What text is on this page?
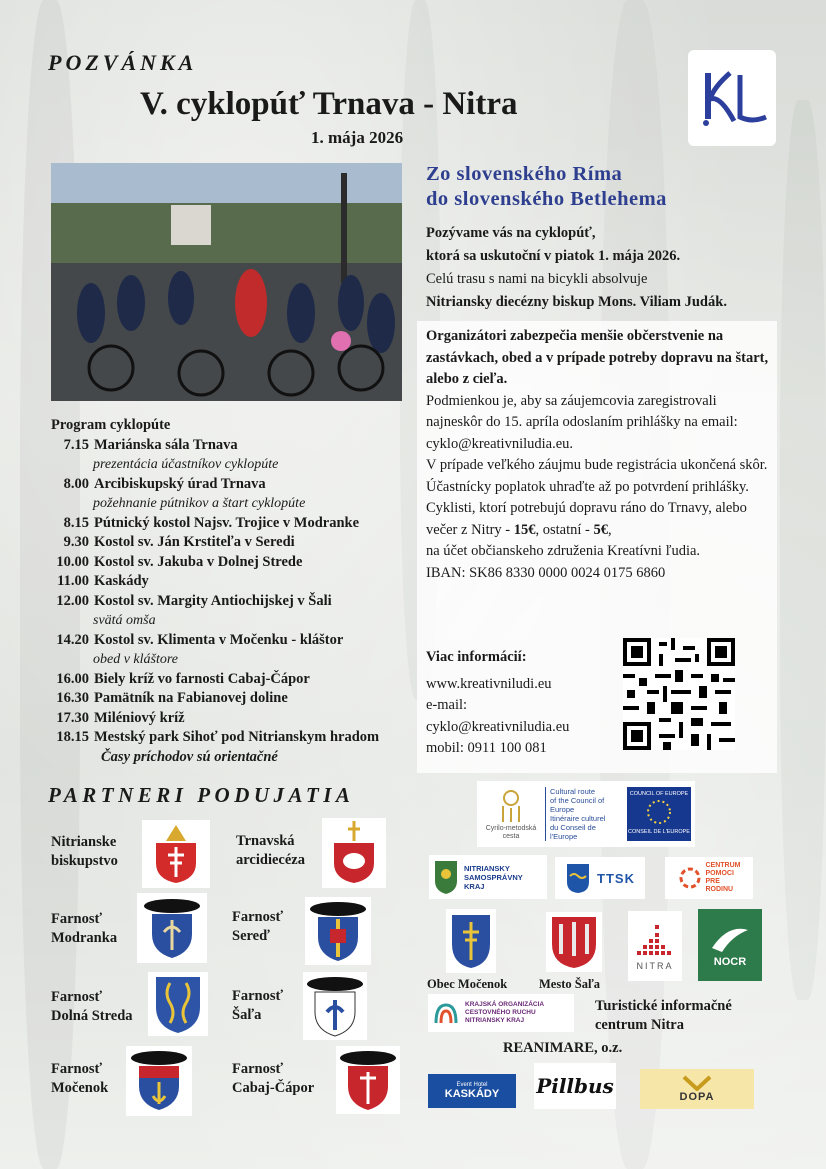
POZVÁNKA
V. cyklopúť Trnava - Nitra
1. mája 2026
Zo slovenského Ríma
do slovenského Betlehema
Pozývame vás na cyklopúť,
ktorá sa uskutoční v piatok 1. mája 2026.
Celú trasu s nami na bicykli absolvuje
Nitriansky diecézny biskup Mons. Viliam Judák.
Organizátori zabezpečia menšie občerstvenie na zastávkach, obed a v prípade potreby dopravu na štart, alebo z cieľa.
Podmienkou je, aby sa záujemcovia zaregistrovali najneskôr do 15. apríla odoslaním prihlášky na email: cyklo@kreativniludia.eu.
V prípade veľkého záujmu bude registrácia ukončená skôr.
Účastnícky poplatok uhraďte až po potvrdení prihlášky.
Cyklisti, ktorí potrebujú dopravu ráno do Trnavy, alebo večer z Nitry - 15€, ostatní - 5€,
na účet občianskeho združenia Kreatívni ľudia.
IBAN: SK86 8330 0000 0024 0175 6860
Viac informácií:
www.kreativniludi.eu
e-mail:
cyklo@kreativniludia.eu
mobil: 0911 100 081
Program cyklopúte
7.15 Mariánska sála Trnava
prezentácia účastníkov cyklopúte
8.00 Arcibiskupský úrad Trnava
požehnanie pútnikov a štart cyklopúte
8.15 Pútnický kostol Najsv. Trojice v Modranke
9.30 Kostol sv. Ján Krstiteľa v Seredi
10.00 Kostol sv. Jakuba v Dolnej Strede
11.00 Kaskády
12.00 Kostol sv. Margity Antiochijskej v Šali
svätá omša
14.20 Kostol sv. Klimenta v Močenku - kláštor
obed v kláštore
16.00 Biely kríž vo farnosti Cabaj-Čápor
16.30 Pamätník na Fabianovej doline
17.30 Miléniový kríž
18.15 Mestský park Sihoť pod Nitrianskym hradom
Časy príchodov sú orientačné
PARTNERI PODUJATIA
Nitrianske
biskupstvo
Trnavská
arcidiecéza
Farnosť
Modranka
Farnosť
Sereď
Farnosť
Dolná Streda
Farnosť
Šaľa
Farnosť
Močenok
Farnosť
Cabaj-Čápor
Cyrilo-metodská
cesta
Cultural route
of the Council of Europe
Itinéraire culturel
du Conseil de l'Europe
COUNCIL OF EUROPE
CONSEIL DE L'EUROPE
NITRIANSKY
SAMOSPRÁVNY
KRAJ
TTSK
CENTRUM
POMOCI
PRE
RODINU
Obec Močenok	Mesto Šaľa
NITRA	NOCR
KRAJSKÁ ORGANIZÁCIA
CESTOVNÉHO RUCHU
NITRIANSKY KRAJ
Turistické informačné
centrum Nitra
REANIMARE, o.z.
Event Hotel
KASKÁDY Pillbus	DOPA
